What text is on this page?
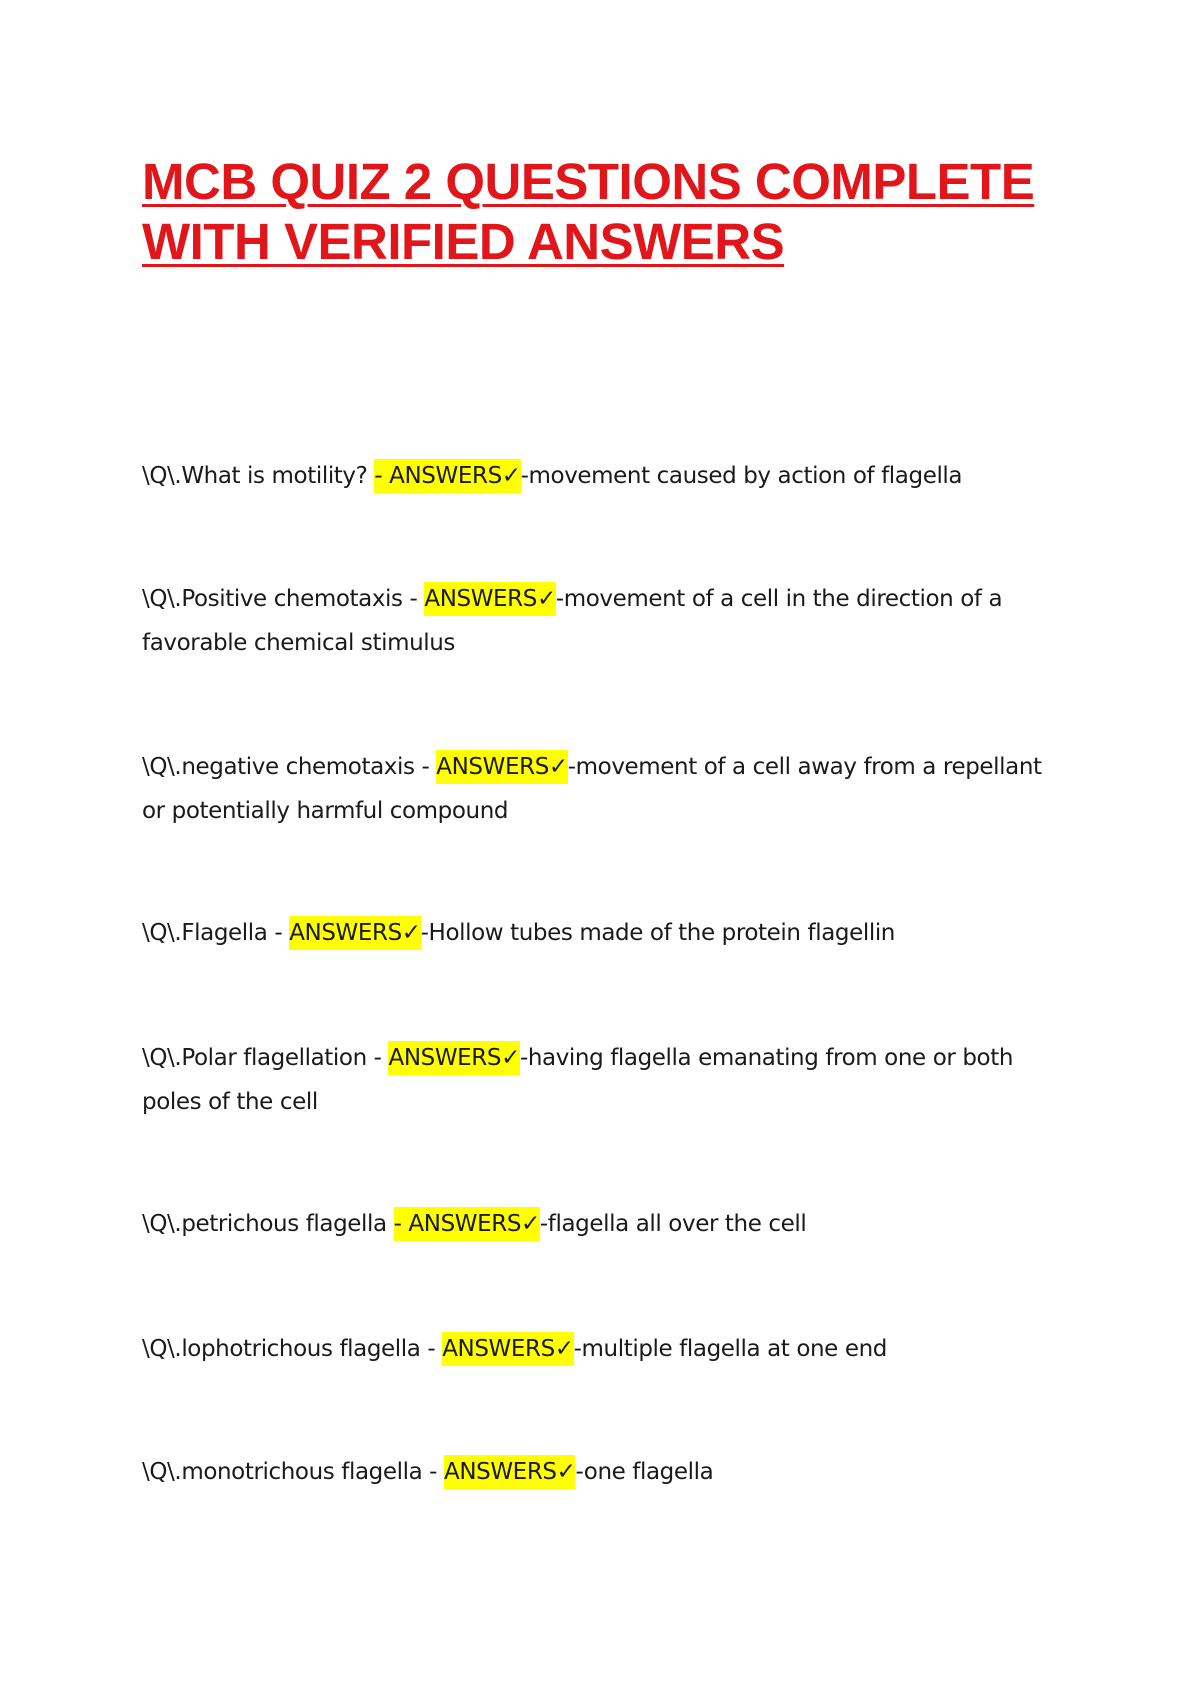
MCB QUIZ 2 QUESTIONS COMPLETE
WITH VERIFIED ANSWERS

\Q\.What is motility? - ANSWERS✓-movement caused by action of flagella

\Q\.Positive chemotaxis - ANSWERS✓-movement of a cell in the direction of a favorable chemical stimulus

\Q\.negative chemotaxis - ANSWERS✓-movement of a cell away from a repellant or potentially harmful compound

\Q\.Flagella - ANSWERS✓-Hollow tubes made of the protein flagellin

\Q\.Polar flagellation - ANSWERS✓-having flagella emanating from one or both poles of the cell

\Q\.petrichous flagella - ANSWERS✓-flagella all over the cell

\Q\.lophotrichous flagella - ANSWERS✓-multiple flagella at one end

\Q\.monotrichous flagella - ANSWERS✓-one flagella
